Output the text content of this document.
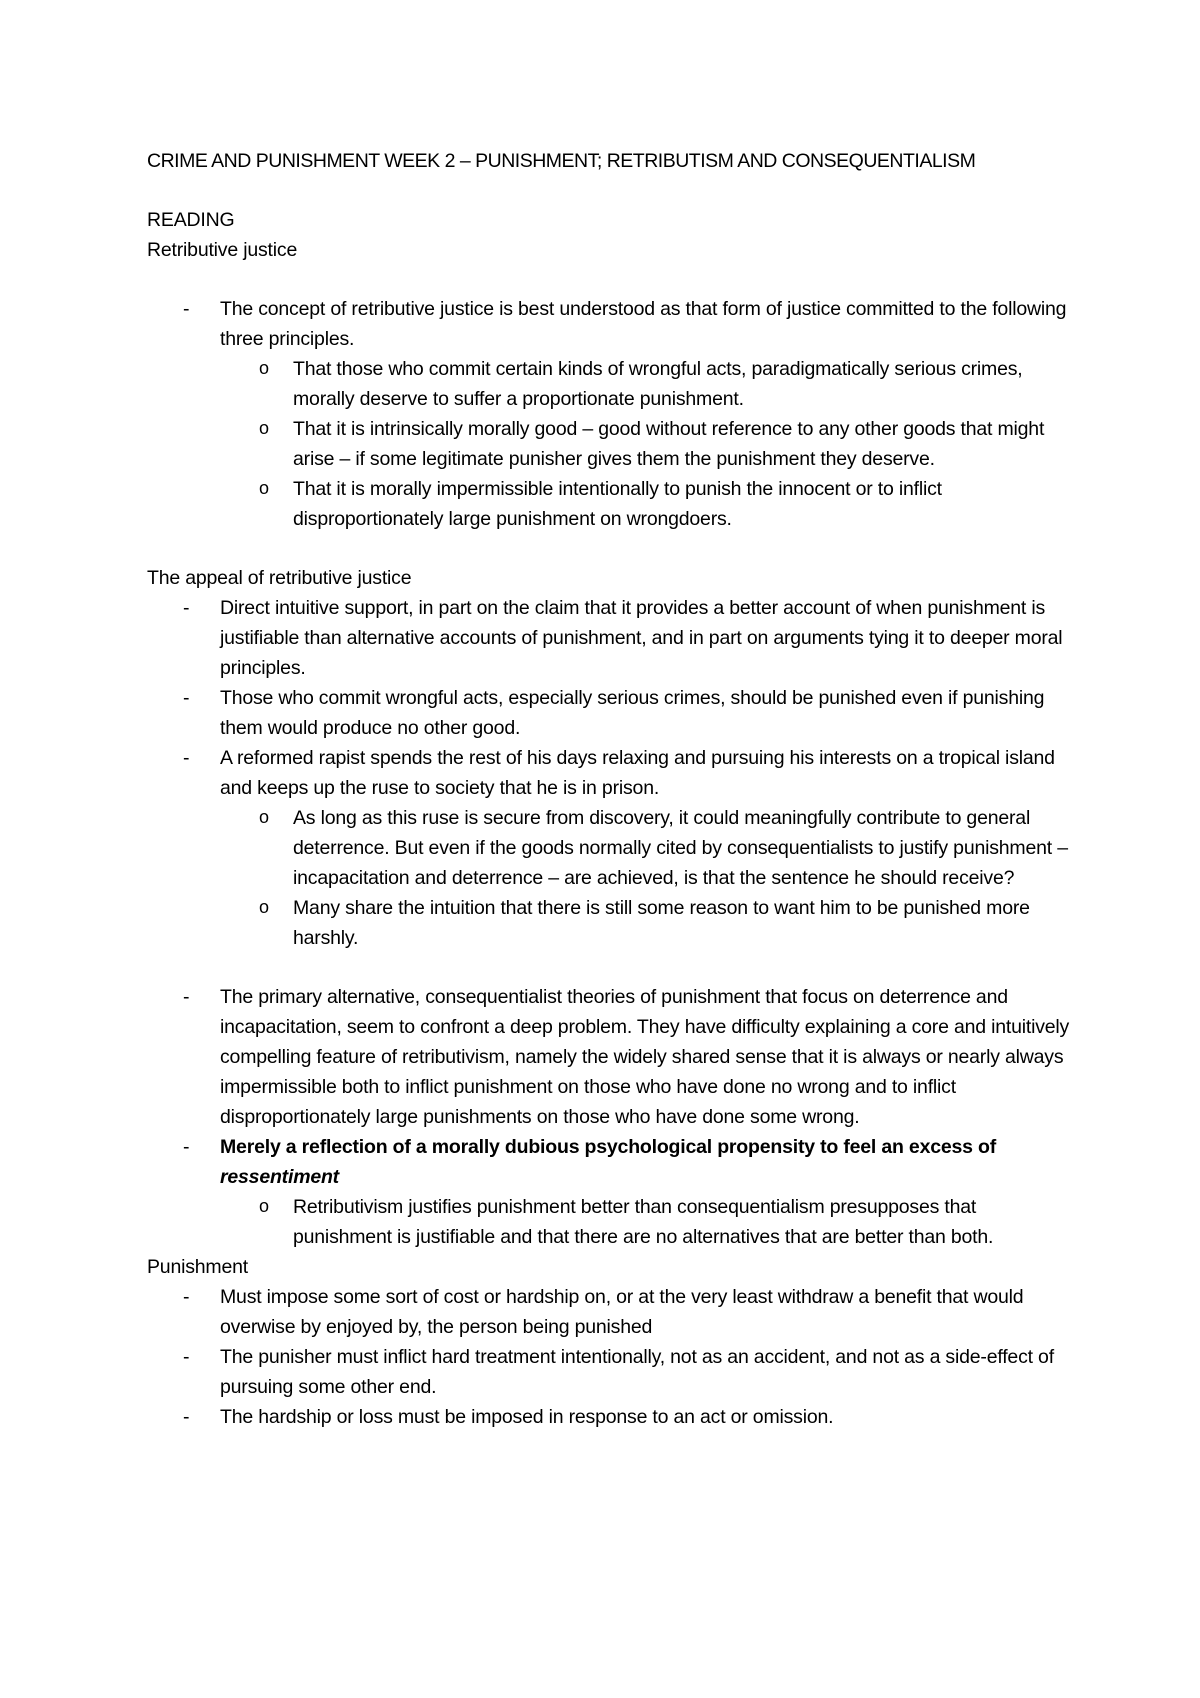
CRIME AND PUNISHMENT WEEK 2 – PUNISHMENT; RETRIBUTISM AND CONSEQUENTIALISM

READING

Retributive justice

- The concept of retributive justice is best understood as that form of justice committed to the following three principles.
o That those who commit certain kinds of wrongful acts, paradigmatically serious crimes, morally deserve to suffer a proportionate punishment.
o That it is intrinsically morally good – good without reference to any other goods that might arise – if some legitimate punisher gives them the punishment they deserve.
o That it is morally impermissible intentionally to punish the innocent or to inflict disproportionately large punishment on wrongdoers.

The appeal of retributive justice

- Direct intuitive support, in part on the claim that it provides a better account of when punishment is justifiable than alternative accounts of punishment, and in part on arguments tying it to deeper moral principles.
- Those who commit wrongful acts, especially serious crimes, should be punished even if punishing them would produce no other good.
- A reformed rapist spends the rest of his days relaxing and pursuing his interests on a tropical island and keeps up the ruse to society that he is in prison.
o As long as this ruse is secure from discovery, it could meaningfully contribute to general deterrence. But even if the goods normally cited by consequentialists to justify punishment – incapacitation and deterrence – are achieved, is that the sentence he should receive?
o Many share the intuition that there is still some reason to want him to be punished more harshly.
- The primary alternative, consequentialist theories of punishment that focus on deterrence and incapacitation, seem to confront a deep problem. They have difficulty explaining a core and intuitively compelling feature of retributivism, namely the widely shared sense that it is always or nearly always impermissible both to inflict punishment on those who have done no wrong and to inflict disproportionately large punishments on those who have done some wrong.
- Merely a reflection of a morally dubious psychological propensity to feel an excess of ressentiment
o Retributivism justifies punishment better than consequentialism presupposes that punishment is justifiable and that there are no alternatives that are better than both.

Punishment

- Must impose some sort of cost or hardship on, or at the very least withdraw a benefit that would overwise by enjoyed by, the person being punished
- The punisher must inflict hard treatment intentionally, not as an accident, and not as a side-effect of pursuing some other end.
- The hardship or loss must be imposed in response to an act or omission.
